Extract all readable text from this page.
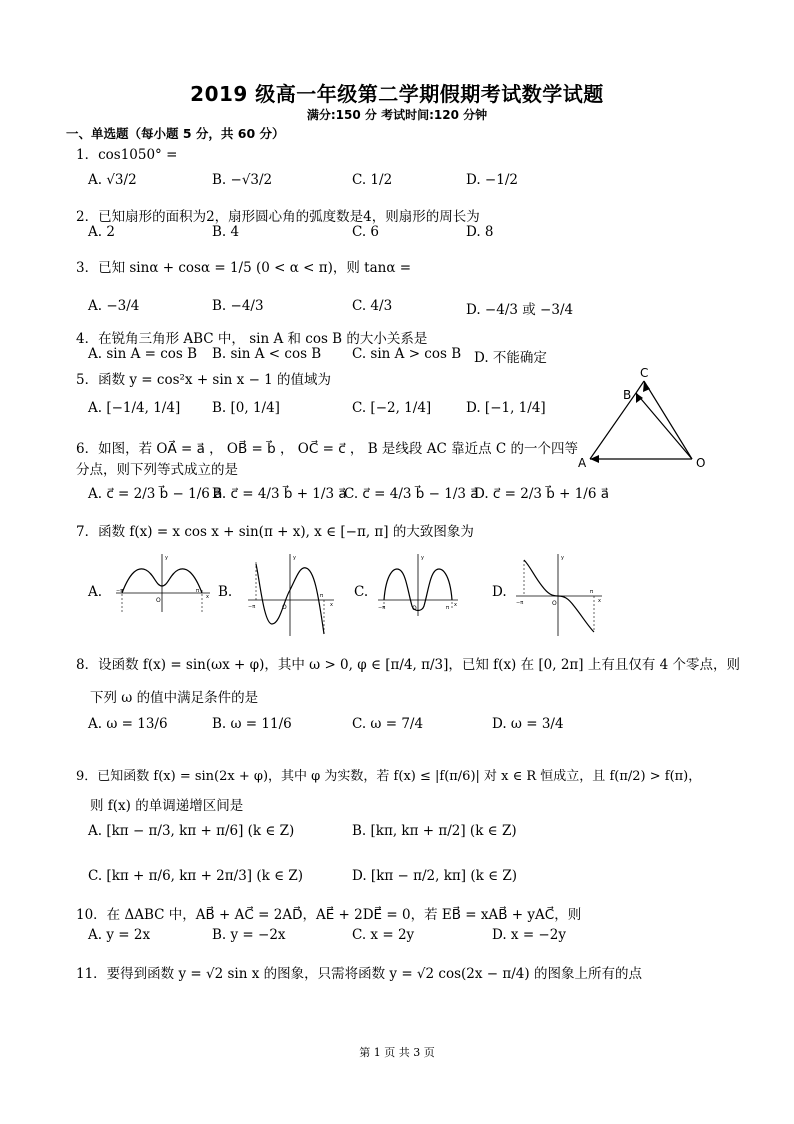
2019 级高一年级第二学期假期考试数学试题
满分:150 分 考试时间:120 分钟
一、单选题（每小题 5 分，共 60 分）
1．cos1050° =
A. √3/2	B. −√3/2	C. 1/2	D. −1/2
2．已知扇形的面积为2，扇形圆心角的弧度数是4，则扇形的周长为
A. 2	B. 4	C. 6	D. 8
3．已知 sinα + cosα = 1/5 (0 < α < π)，则 tanα =
A. −3/4	B. −4/3	C. 4/3	D. −4/3 或 −3/4
4．在锐角三角形 ABC 中， sin A 和 cos B 的大小关系是
A. sin A = cos B B. sin A < cos B C. sin A > cos B D. 不能确定
5．函数 y = cos²x + sin x − 1 的值域为
A. [−1/4, 1/4] B. [0, 1/4]	C. [−2, 1/4]	D. [−1, 1/4]
A
B
C
O
6．如图，若 OA⃗ = a⃗ ， OB⃗ = b⃗ ， OC⃗ = c⃗ ， B 是线段 AC 靠近点 C 的一个四等
分点，则下列等式成立的是
A. c⃗ = 2/3 b⃗ − 1/6 a⃗
B. c⃗ = 4/3 b⃗ + 1/3 a⃗
C. c⃗ = 4/3 b⃗ − 1/3 a⃗
D. c⃗ = 2/3 b⃗ + 1/6 a⃗
7．函数 f(x) = x cos x + sin(π + x), x ∈ [−π, π] 的大致图象为
A.	B.	C.	D.
y
x
O
−π	π
y
x
O
−π
π
y
x
O
−π	π
y
x
O
−π
π
8．设函数 f(x) = sin(ωx + φ)，其中 ω > 0, φ ∈ [π/4, π/3]，已知 f(x) 在 [0, 2π] 上有且仅有 4 个零点，则
下列 ω 的值中满足条件的是
A. ω = 13/6	B. ω = 11/6	C. ω = 7/4	D. ω = 3/4
9．已知函数 f(x) = sin(2x + φ)，其中 φ 为实数，若 f(x) ≤ |f(π/6)| 对 x ∈ R 恒成立，且 f(π/2) > f(π)，
则 f(x) 的单调递增区间是
A. [kπ − π/3, kπ + π/6] (k ∈ Z)	B. [kπ, kπ + π/2] (k ∈ Z)
C. [kπ + π/6, kπ + 2π/3] (k ∈ Z)	D. [kπ − π/2, kπ] (k ∈ Z)
10．在 ΔABC 中，AB⃗ + AC⃗ = 2AD⃗，AE⃗ + 2DE⃗ = 0，若 EB⃗ = xAB⃗ + yAC⃗，则
A. y = 2x	B. y = −2x	C. x = 2y	D. x = −2y
11．要得到函数 y = √2 sin x 的图象，只需将函数 y = √2 cos(2x − π/4) 的图象上所有的点
第 1 页 共 3 页
